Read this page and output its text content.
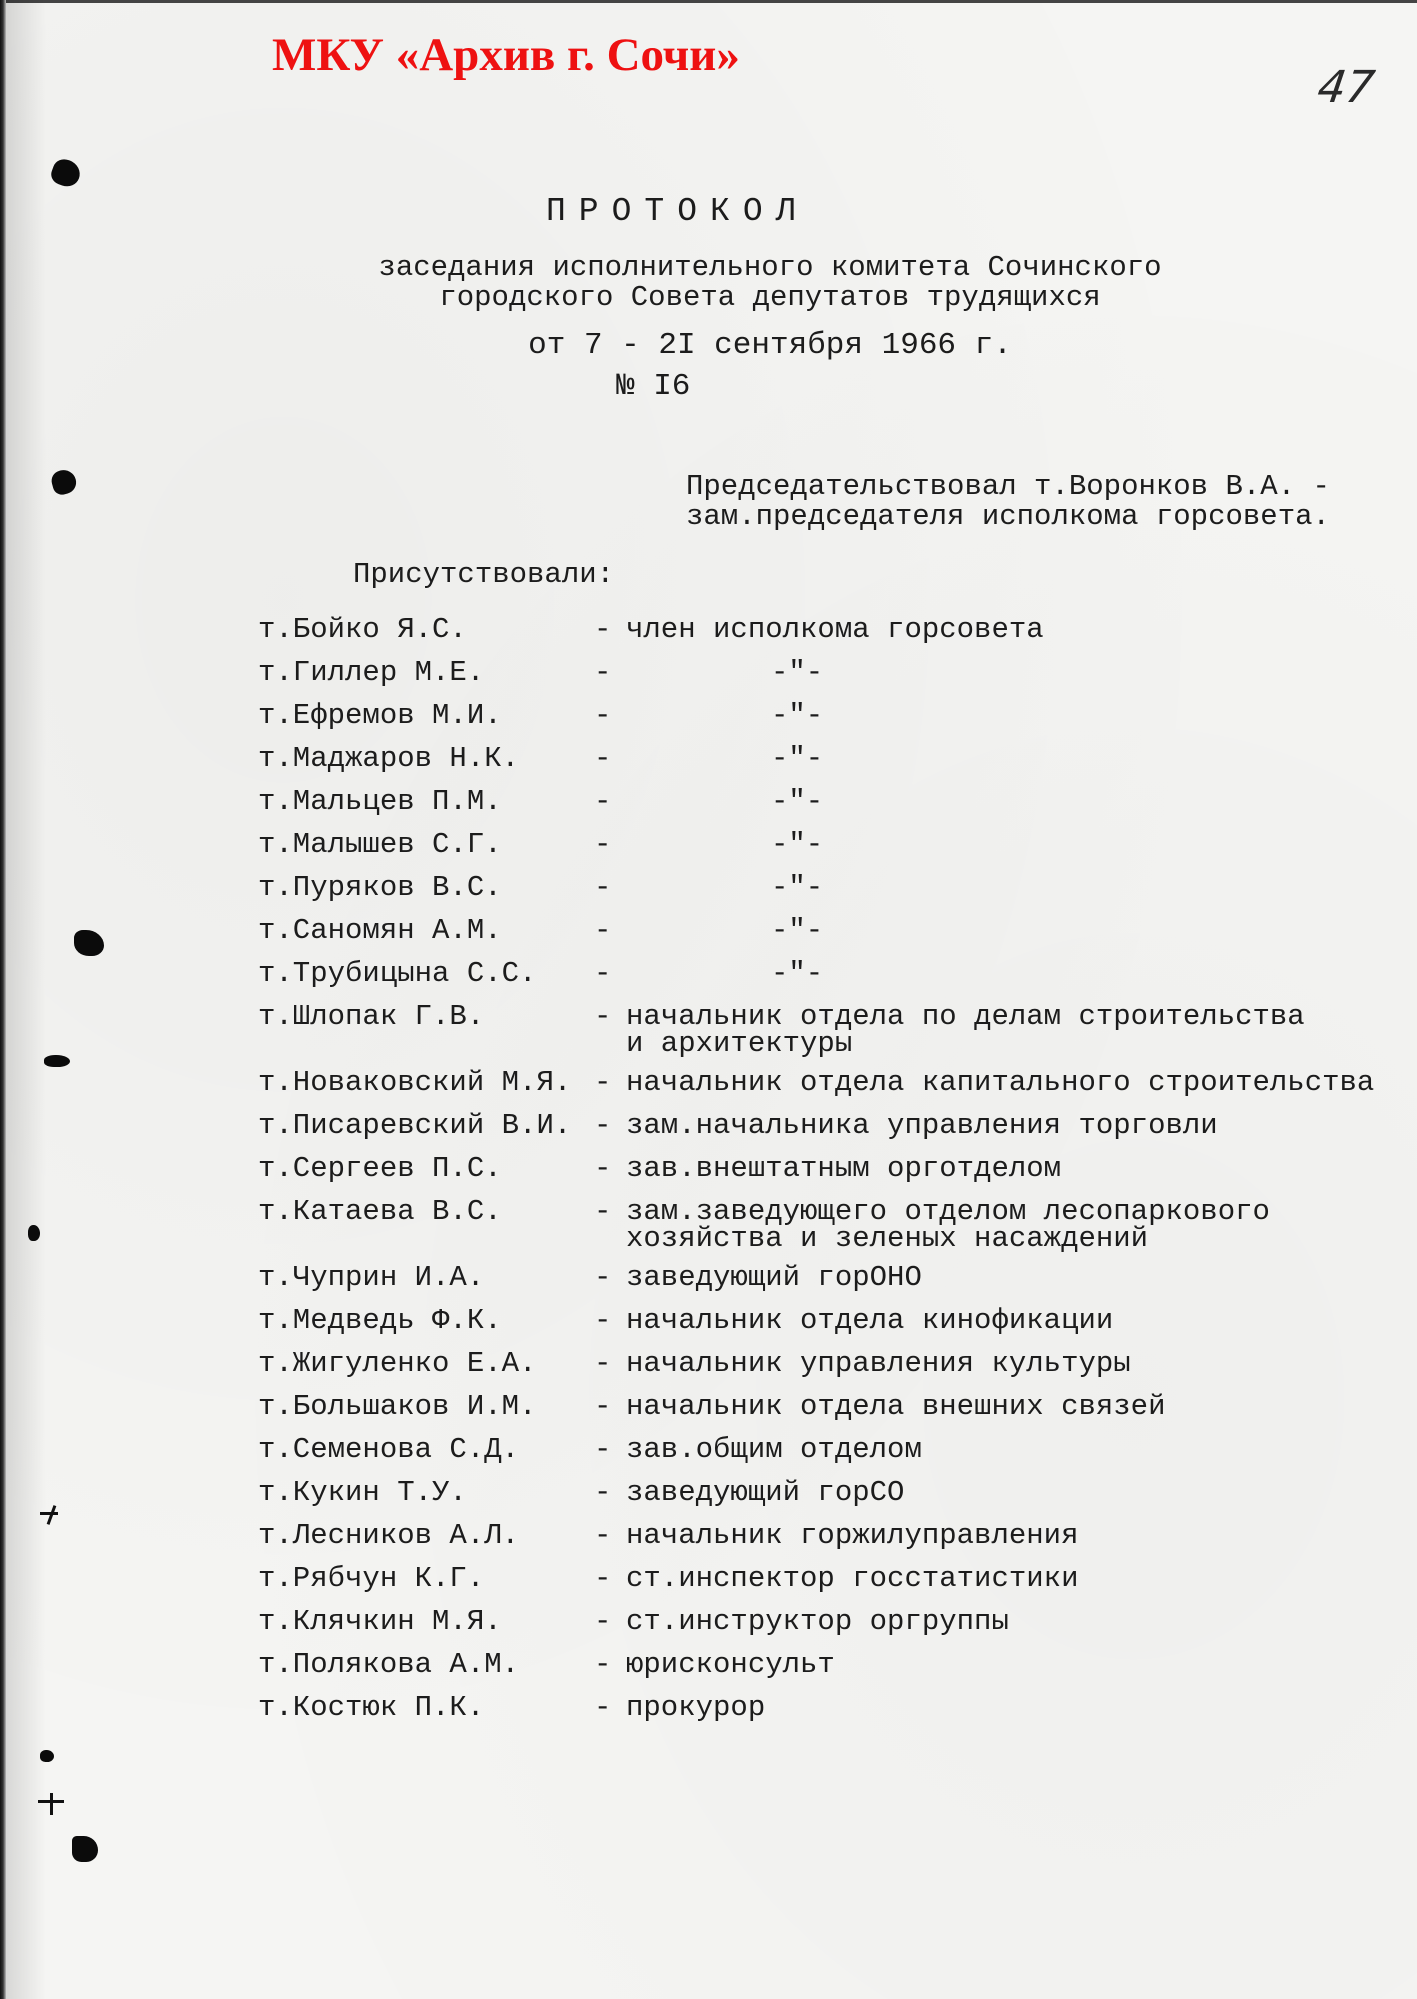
МКУ «Архив г. Сочи»
47
ПРОТОКОЛ
заседания исполнительного комитета Сочинского
городского Совета депутатов трудящихся
от 7 - 2I сентября 1966 г.
№ I6
Председательствовал т.Воронков В.А. -
зам.председателя исполкома горсовета.
Присутствовали:
т.Бойко Я.С.	- член исполкома горсовета
т.Гиллер М.Е.	-	-"-
т.Ефремов М.И.	-	-"-
т.Маджаров Н.К.	-	-"-
т.Мальцев П.М.	-	-"-
т.Малышев С.Г.	-	-"-
т.Пуряков В.С.	-	-"-
т.Саномян А.М.	-	-"-
т.Трубицына С.С.	-	-"-
т.Шлопак Г.В.	- начальник отдела по делам строительства
и архитектуры
т.Новаковский М.Я. - начальник отдела капитального строительства
т.Писаревский В.И. - зам.начальника управления торговли
т.Сергеев П.С.	- зав.внештатным орготделом
т.Катаева В.С.	- зам.заведующего отделом лесопаркового
хозяйства и зеленых насаждений
т.Чуприн И.А.	- заведующий горОНО
т.Медведь Ф.К.	- начальник отдела кинофикации
т.Жигуленко Е.А.	- начальник управления культуры
т.Большаков И.М.	- начальник отдела внешних связей
т.Семенова С.Д.	- зав.общим отделом
т.Кукин Т.У.	- заведующий горСО
т.Лесников А.Л.	- начальник горжилуправления
т.Рябчун К.Г.	- ст.инспектор госстатистики
т.Клячкин М.Я.	- ст.инструктор оргруппы
т.Полякова А.М.	- юрисконсульт
т.Костюк П.К.	- прокурор
